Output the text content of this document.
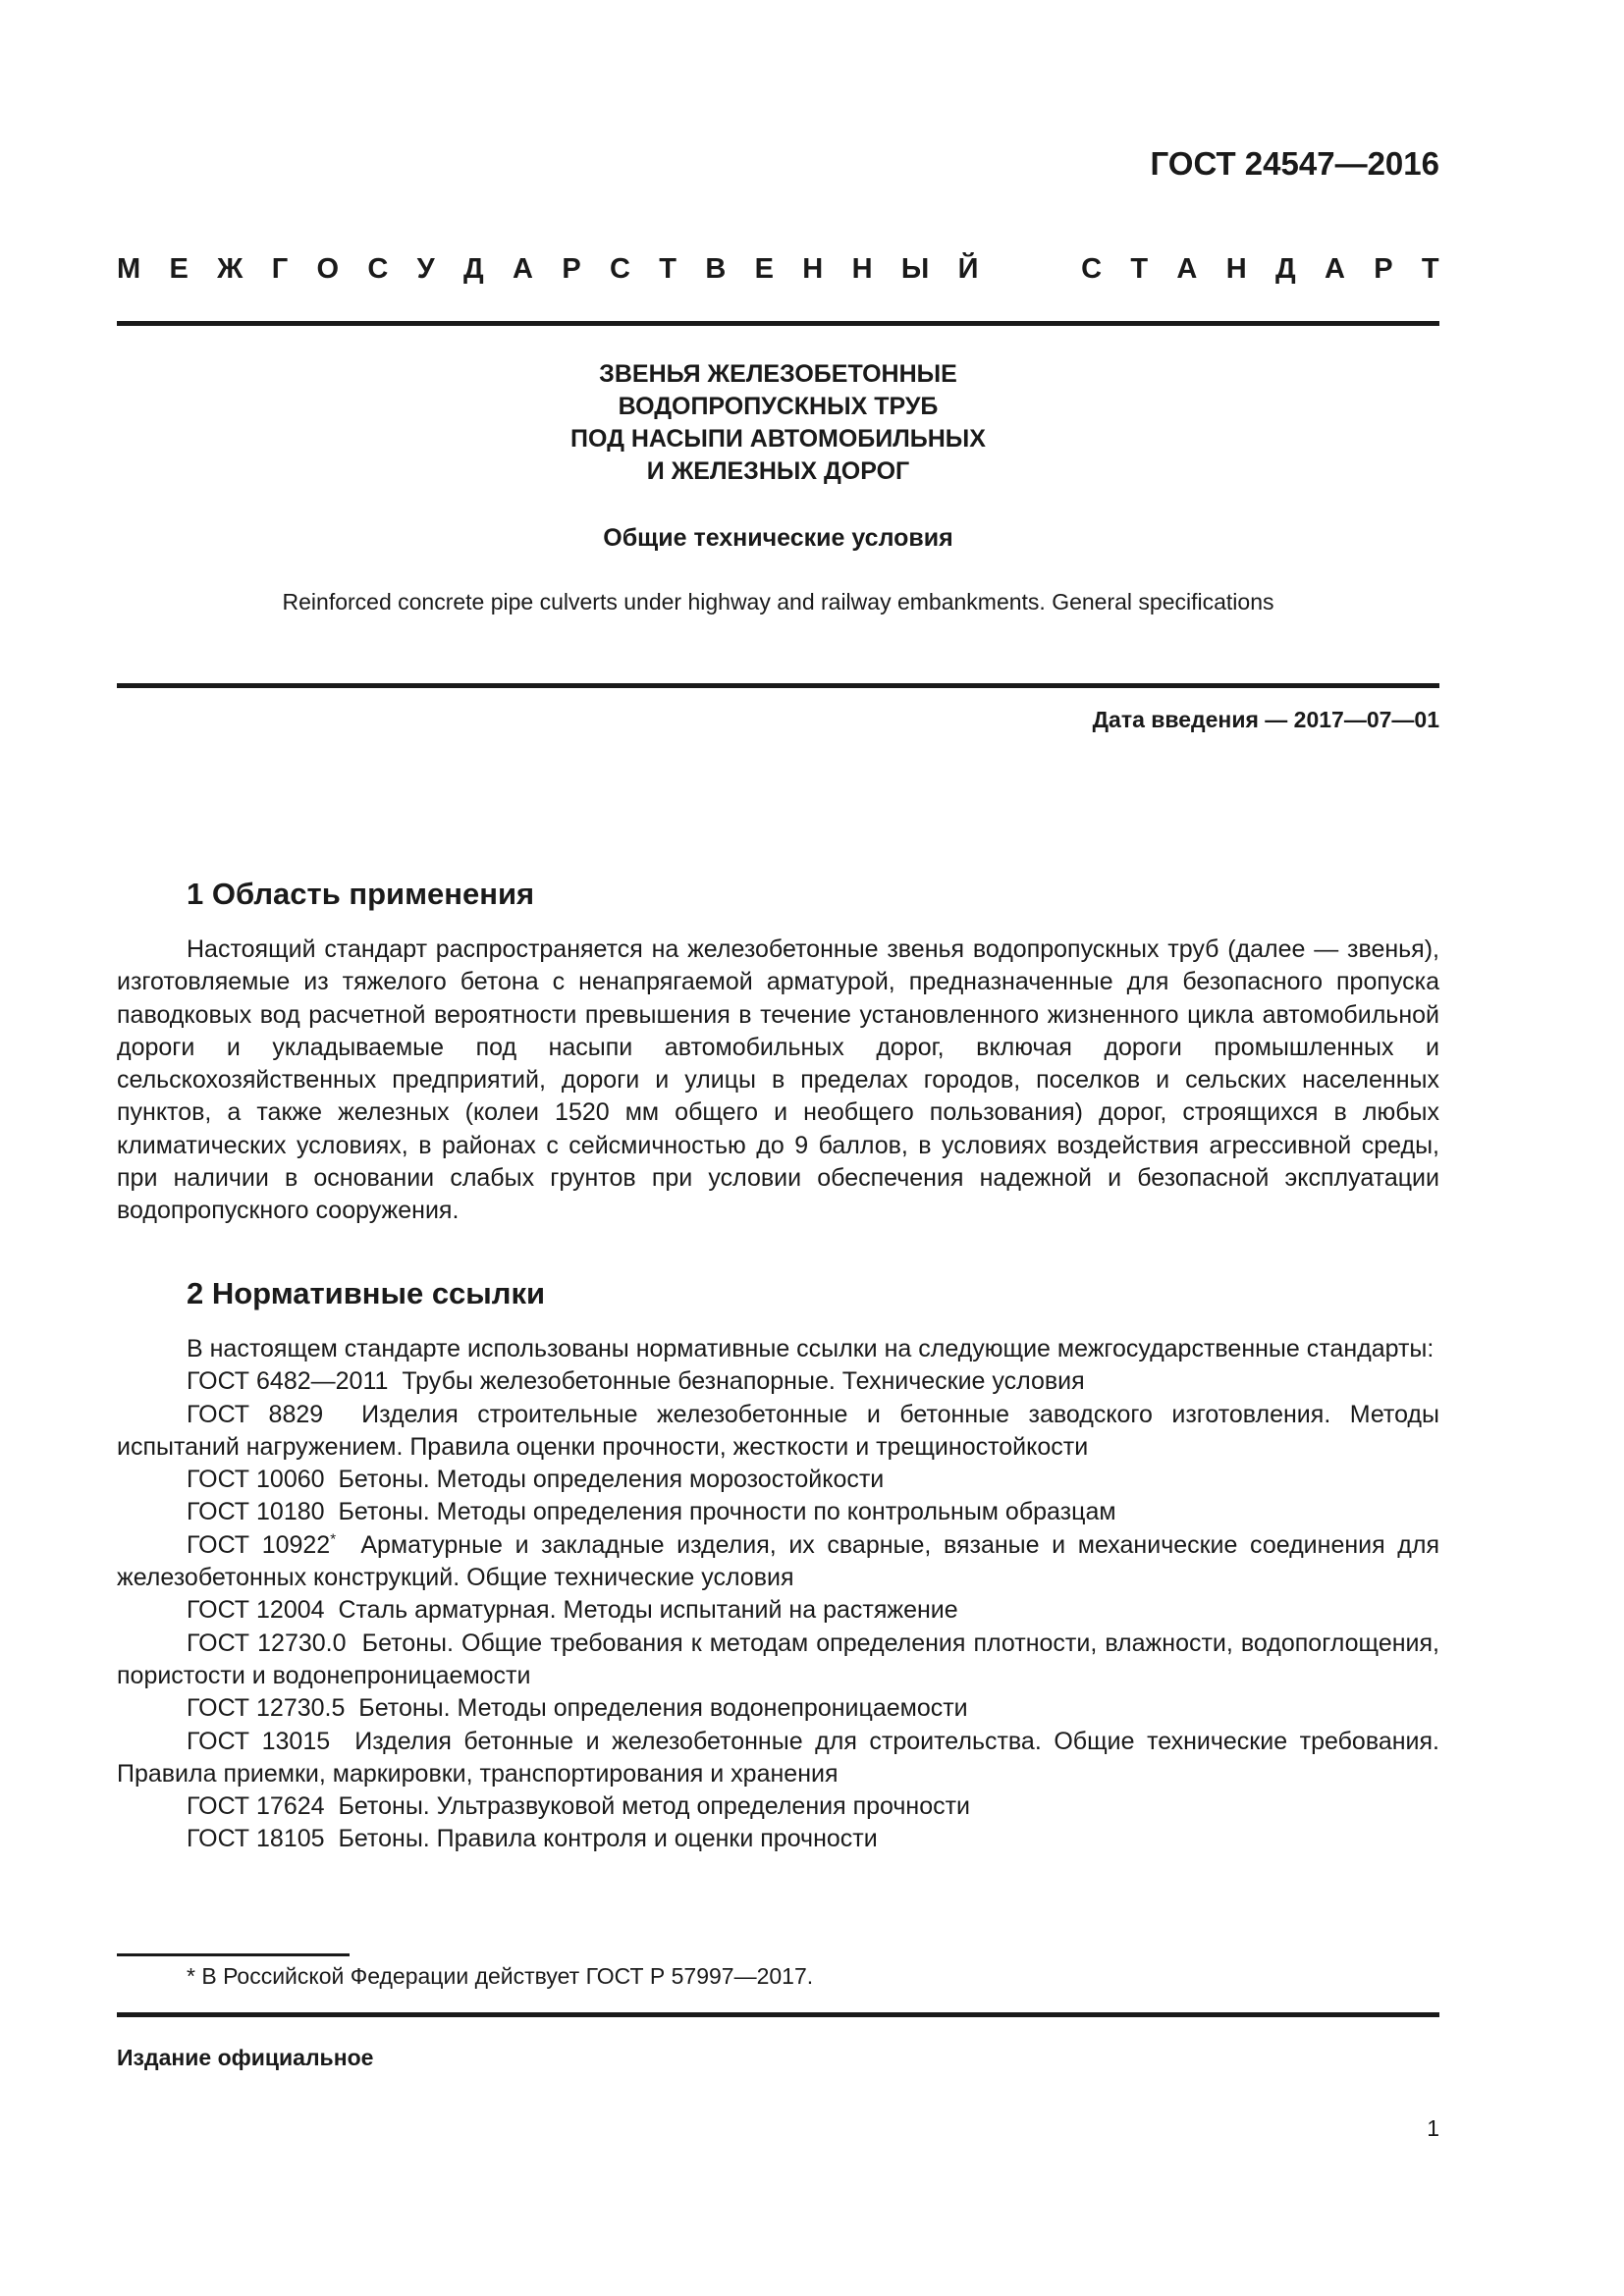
ГОСТ 24547—2016
М Е Ж Г О С У Д А Р С Т В Е Н Н Ы Й	С Т А Н Д А Р Т
ЗВЕНЬЯ ЖЕЛЕЗОБЕТОННЫЕ
ВОДОПРОПУСКНЫХ ТРУБ
ПОД НАСЫПИ АВТОМОБИЛЬНЫХ
И ЖЕЛЕЗНЫХ ДОРОГ
Общие технические условия
Reinforced concrete pipe culverts under highway and railway embankments. General specifications
Дата введения — 2017—07—01
1 Область применения

Настоящий стандарт распространяется на железобетонные звенья водопропускных труб (далее — звенья), изготовляемые из тяжелого бетона с ненапрягаемой арматурой, предназначенные для безопасного пропуска паводковых вод расчетной вероятности превышения в течение установленного жизненного цикла автомобильной дороги и укладываемые под насыпи автомобильных дорог, включая дороги промышленных и сельскохозяйственных предприятий, дороги и улицы в пределах городов, поселков и сельских населенных пунктов, а также железных (колеи 1520 мм общего и необщего пользования) дорог, строящихся в любых климатических условиях, в районах с сейсмичностью до 9 баллов, в условиях воздействия агрессивной среды, при наличии в основании слабых грунтов при условии обеспечения надежной и безопасной эксплуатации водопропускного сооружения.

2 Нормативные ссылки

В настоящем стандарте использованы нормативные ссылки на следующие межгосударственные стандарты:

ГОСТ 6482—2011 Трубы железобетонные безнапорные. Технические условия

ГОСТ 8829 Изделия строительные железобетонные и бетонные заводского изготовления. Методы испытаний нагружением. Правила оценки прочности, жесткости и трещиностойкости

ГОСТ 10060 Бетоны. Методы определения морозостойкости

ГОСТ 10180 Бетоны. Методы определения прочности по контрольным образцам

ГОСТ 10922* Арматурные и закладные изделия, их сварные, вязаные и механические соединения для железобетонных конструкций. Общие технические условия

ГОСТ 12004 Сталь арматурная. Методы испытаний на растяжение

ГОСТ 12730.0 Бетоны. Общие требования к методам определения плотности, влажности, водопоглощения, пористости и водонепроницаемости

ГОСТ 12730.5 Бетоны. Методы определения водонепроницаемости

ГОСТ 13015 Изделия бетонные и железобетонные для строительства. Общие технические требования. Правила приемки, маркировки, транспортирования и хранения

ГОСТ 17624 Бетоны. Ультразвуковой метод определения прочности

ГОСТ 18105 Бетоны. Правила контроля и оценки прочности

* В Российской Федерации действует ГОСТ Р 57997—2017.
Издание официальное
1
